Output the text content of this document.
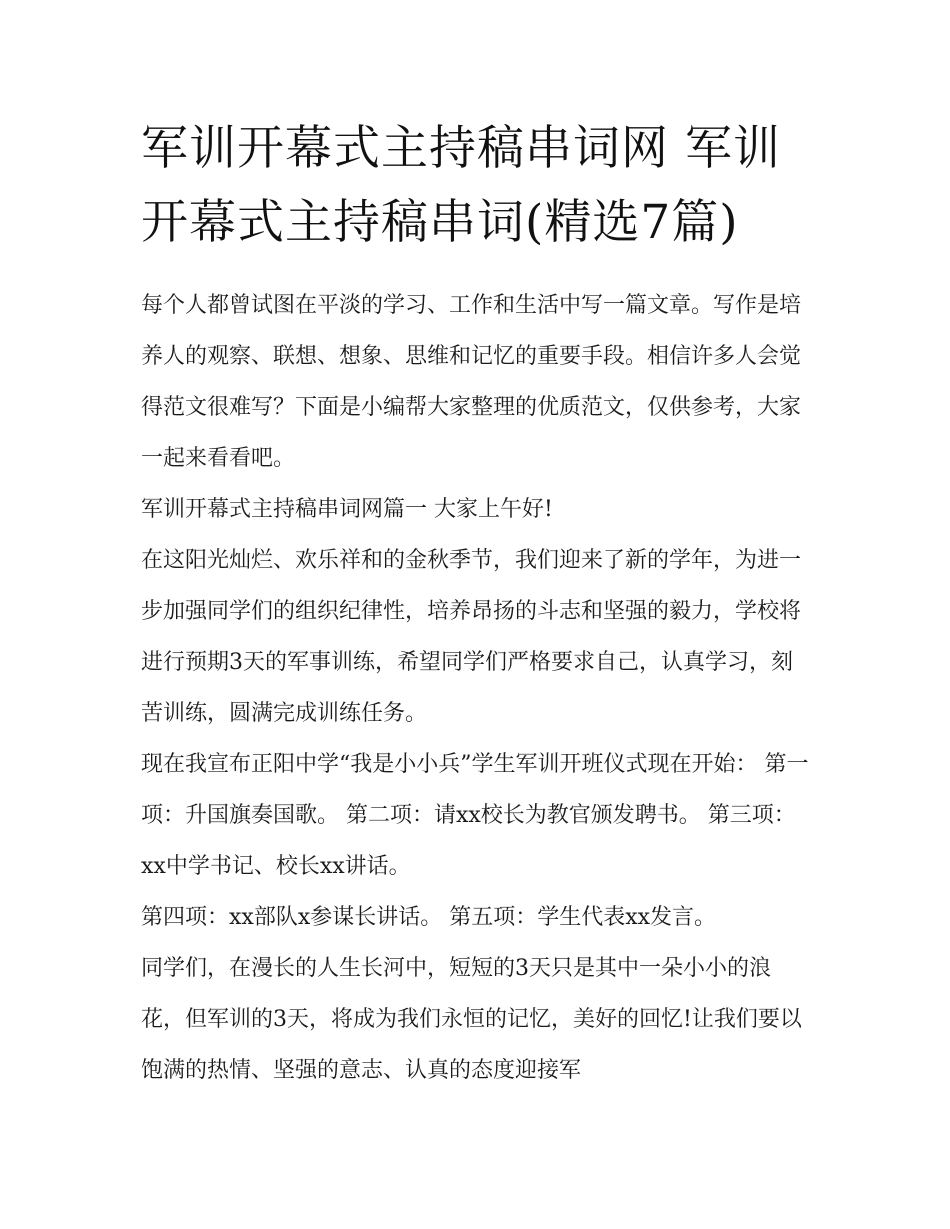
军训开幕式主持稿串词网 军训开幕式主持稿串词(精选7篇)

每个人都曾试图在平淡的学习、工作和生活中写一篇文章。写作是培养人的观察、联想、想象、思维和记忆的重要手段。相信许多人会觉得范文很难写？下面是小编帮大家整理的优质范文，仅供参考，大家一起来看看吧。

军训开幕式主持稿串词网篇一 大家上午好!

在这阳光灿烂、欢乐祥和的金秋季节，我们迎来了新的学年，为进一步加强同学们的组织纪律性，培养昂扬的斗志和坚强的毅力，学校将进行预期3天的军事训练，希望同学们严格要求自己，认真学习，刻苦训练，圆满完成训练任务。

现在我宣布正阳中学“我是小小兵”学生军训开班仪式现在开始： 第一项：升国旗奏国歌。 第二项：请xx校长为教官颁发聘书。 第三项：xx中学书记、校长xx讲话。

第四项：xx部队x参谋长讲话。 第五项：学生代表xx发言。

同学们，在漫长的人生长河中，短短的3天只是其中一朵小小的浪花，但军训的3天，将成为我们永恒的记忆，美好的回忆!让我们要以饱满的热情、坚强的意志、认真的态度迎接军
